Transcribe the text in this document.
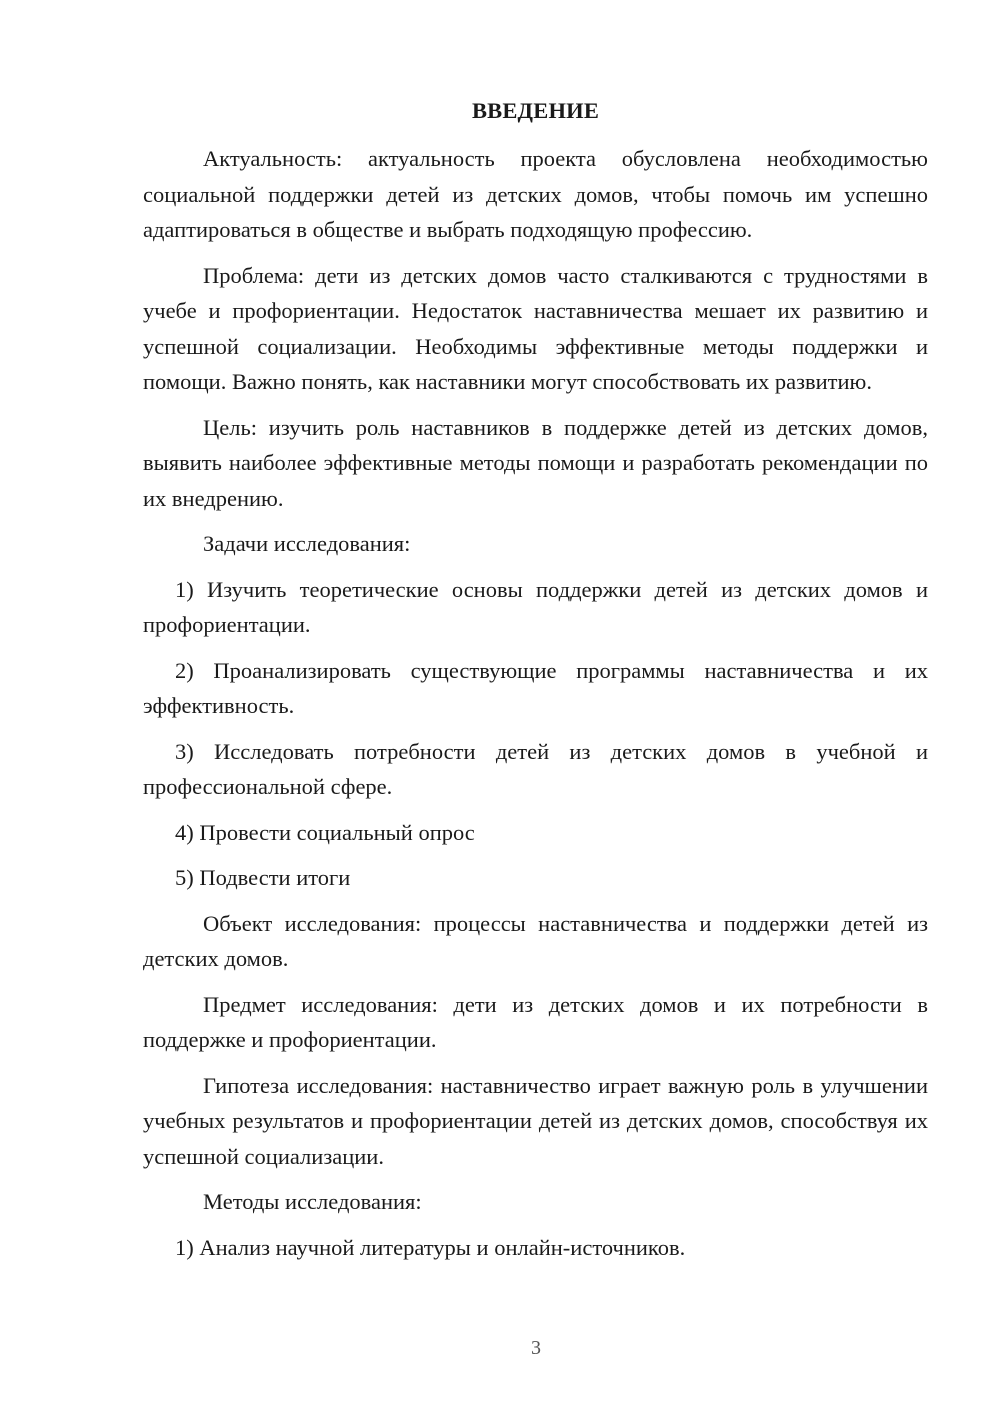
ВВЕДЕНИЕ

Актуальность: актуальность проекта обусловлена необходимостью социальной поддержки детей из детских домов, чтобы помочь им успешно адаптироваться в обществе и выбрать подходящую профессию.

Проблема: дети из детских домов часто сталкиваются с трудностями в учебе и профориентации. Недостаток наставничества мешает их развитию и успешной социализации. Необходимы эффективные методы поддержки и помощи. Важно понять, как наставники могут способствовать их развитию.

Цель: изучить роль наставников в поддержке детей из детских домов, выявить наиболее эффективные методы помощи и разработать рекомендации по их внедрению.

Задачи исследования:

1) Изучить теоретические основы поддержки детей из детских домов и профориентации.

2) Проанализировать существующие программы наставничества и их эффективность.

3) Исследовать потребности детей из детских домов в учебной и профессиональной сфере.

4) Провести социальный опрос

5) Подвести итоги

Объект исследования: процессы наставничества и поддержки детей из детских домов.

Предмет исследования: дети из детских домов и их потребности в поддержке и профориентации.

Гипотеза исследования: наставничество играет важную роль в улучшении учебных результатов и профориентации детей из детских домов, способствуя их успешной социализации.

Методы исследования:

1) Анализ научной литературы и онлайн-источников.

3
